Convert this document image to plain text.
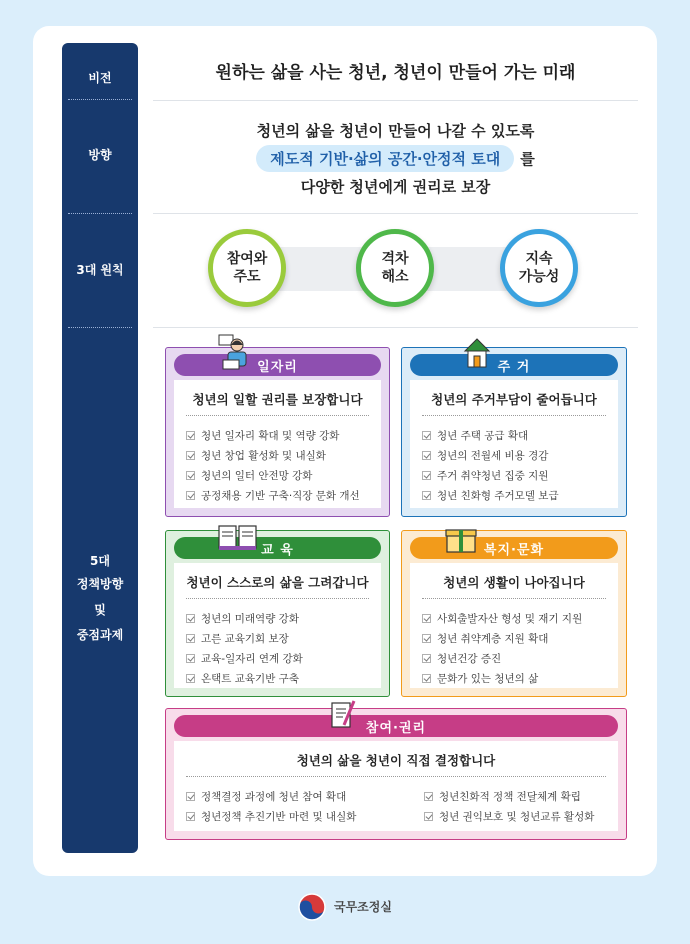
비전
방향
3대 원칙
5대
정책방향
및
중점과제
원하는 삶을 사는 청년, 청년이 만들어 가는 미래
청년의 삶을 청년이 만들어 나갈 수 있도록
제도적 기반·삶의 공간·안정적 토대 를
다양한 청년에게 권리로 보장
참여와
주도
격차
해소
지속
가능성
청년의 일할 권리를 보장합니다
청년 일자리 확대 및 역량 강화
청년 창업 활성화 및 내실화
청년의 일터 안전망 강화
공정채용 기반 구축·직장 문화 개선
일자리
청년의 주거부담이 줄어듭니다
청년 주택 공급 확대
청년의 전월세 비용 경감
주거 취약청년 집중 지원
청년 친화형 주거모델 보급
주 거
청년이 스스로의 삶을 그려갑니다
청년의 미래역량 강화
고른 교육기회 보장
교육-일자리 연계 강화
온택트 교육기반 구축
교 육
청년의 생활이 나아집니다
사회출발자산 형성 및 재기 지원
청년 취약계층 지원 확대
청년건강 증진
문화가 있는 청년의 삶
복지·문화
청년의 삶을 청년이 직접 결정합니다
정책결정 과정에 청년 참여 확대
청년정책 추진기반 마련 및 내실화
청년친화적 정책 전달체계 확립
청년 권익보호 및 청년교류 활성화
참여·권리
국무조정실
